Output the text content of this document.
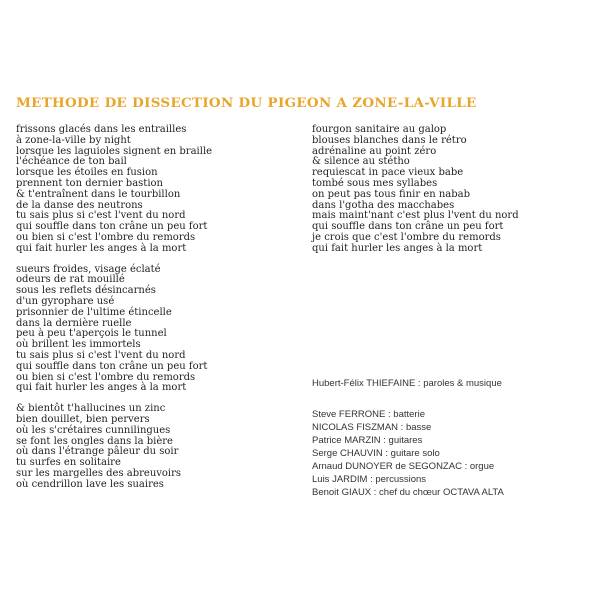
METHODE DE DISSECTION DU PIGEON A ZONE-LA-VILLE
frissons glacés dans les entrailles
à zone-la-ville by night
lorsque les laguioles signent en braille
l'échéance de ton bail
lorsque les étoiles en fusion
prennent ton dernier bastion
& t'entraînent dans le tourbillon
de la danse des neutrons
tu sais plus si c'est l'vent du nord
qui souffle dans ton crâne un peu fort
ou bien si c'est l'ombre du remords
qui fait hurler les anges à la mort
sueurs froides, visage éclaté
odeurs de rat mouillé
sous les reflets désincarnés
d'un gyrophare usé
prisonnier de l'ultime étincelle
dans la dernière ruelle
peu à peu t'aperçois le tunnel
où brillent les immortels
tu sais plus si c'est l'vent du nord
qui souffle dans ton crâne un peu fort
ou bien si c'est l'ombre du remords
qui fait hurler les anges à la mort
& bientôt t'hallucines un zinc
bien douillet, bien pervers
où les s'crétaires cunnilingues
se font les ongles dans la bière
où dans l'étrange pâleur du soir
tu surfes en solitaire
sur les margelles des abreuvoirs
où cendrillon lave les suaires
fourgon sanitaire au galop
blouses blanches dans le rétro
adrénaline au point zéro
& silence au stétho
requiescat in pace vieux babe
tombé sous mes syllabes
on peut pas tous finir en nabab
dans l'gotha des macchabes
mais maint'nant c'est plus l'vent du nord
qui souffle dans ton crâne un peu fort
je crois que c'est l'ombre du remords
qui fait hurler les anges à la mort
Hubert-Félix THIEFAINE : paroles & musique
Steve FERRONE : batterie
NICOLAS FISZMAN : basse
Patrice MARZIN : guitares
Serge CHAUVIN : guitare solo
Arnaud DUNOYER de SEGONZAC : orgue
Luis JARDIM : percussions
Benoit GIAUX : chef du chœur OCTAVA ALTA
